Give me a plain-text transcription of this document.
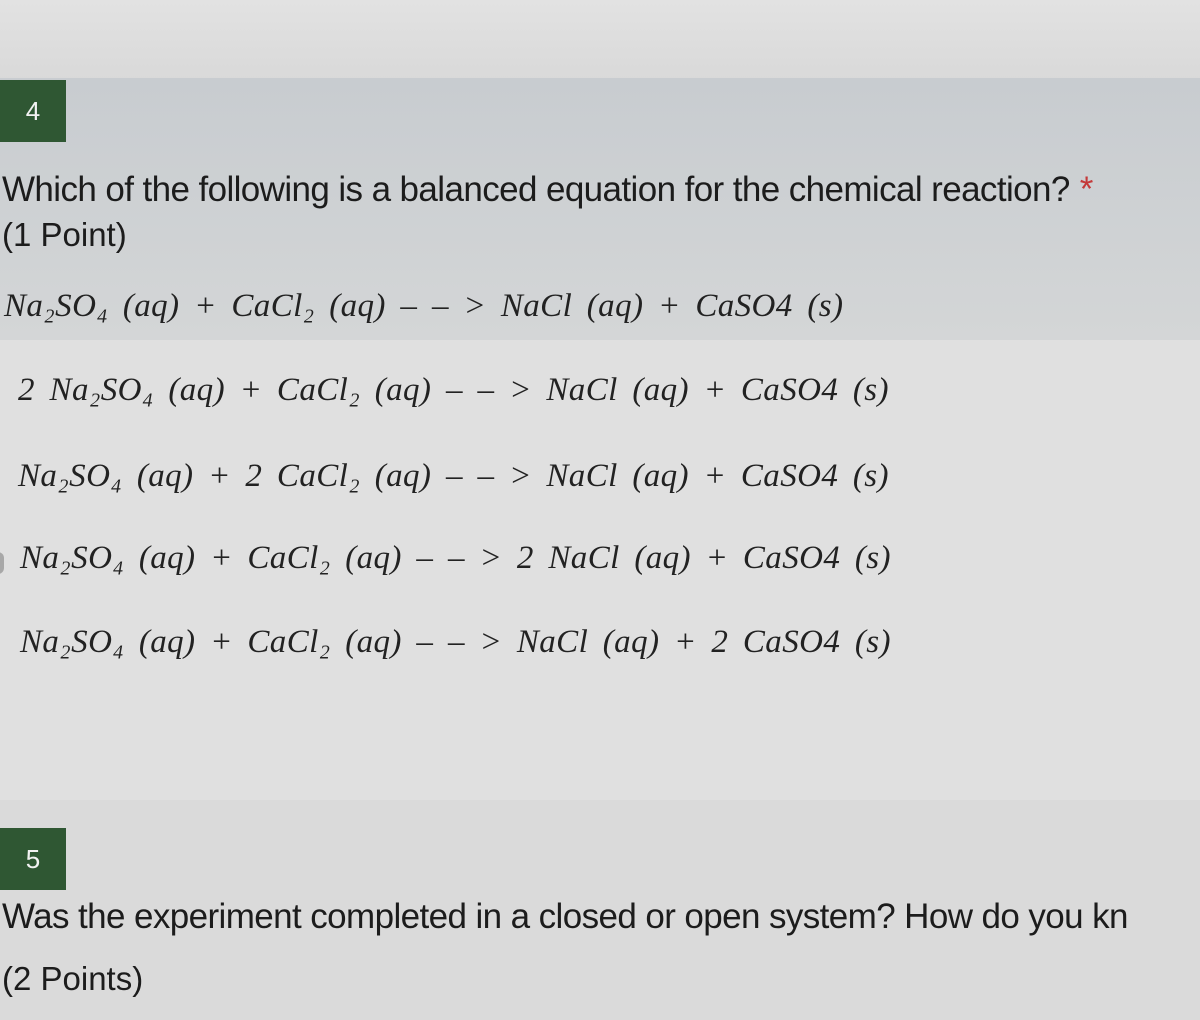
4
Which of the following is a balanced equation for the chemical reaction? *
(1 Point)
Na₂SO₄ (aq) + CaCl₂ (aq) – – > NaCl (aq) + CaSO4 (s)
2 Na₂SO₄ (aq) + CaCl₂ (aq) – – > NaCl (aq) + CaSO4 (s)
Na₂SO₄ (aq) + 2 CaCl₂ (aq) – – > NaCl (aq) + CaSO4 (s)
Na₂SO₄ (aq) + CaCl₂ (aq) – – > 2 NaCl (aq) + CaSO4 (s)
Na₂SO₄ (aq) + CaCl₂ (aq) – – > NaCl (aq) + 2 CaSO4 (s)
5
Was the experiment completed in a closed or open system? How do you kn
(2 Points)
